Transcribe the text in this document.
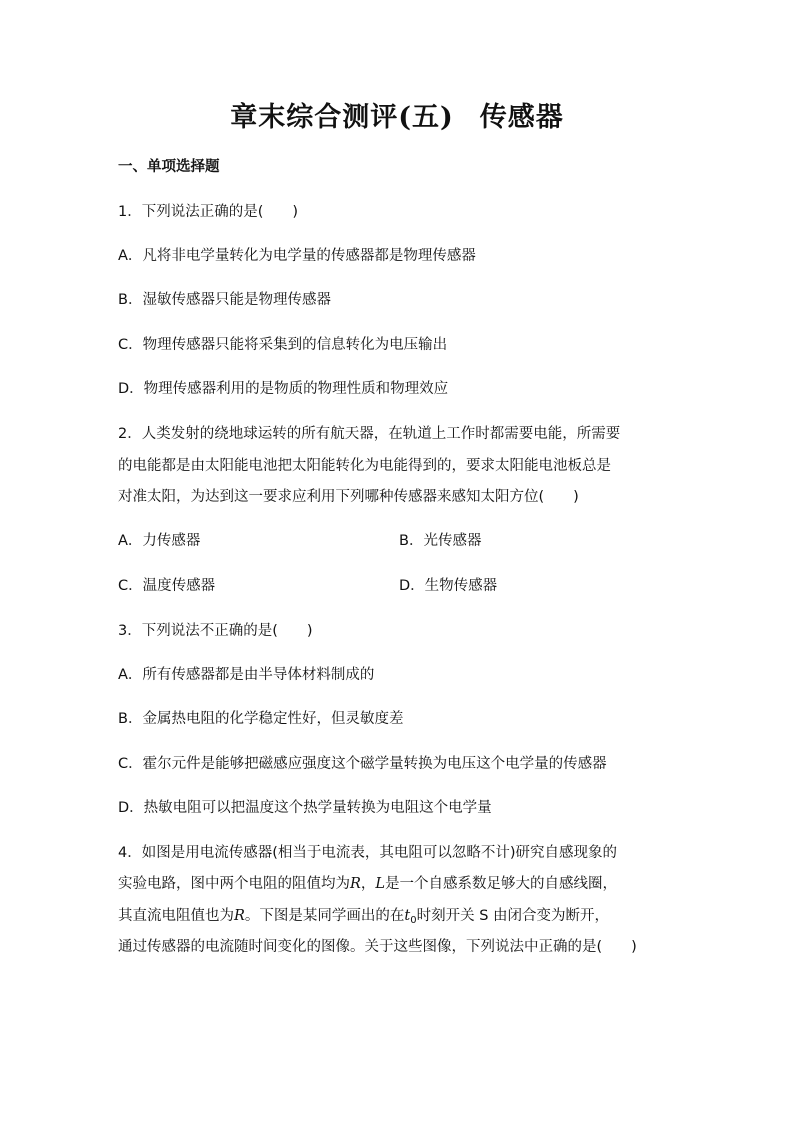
章末综合测评(五) 传感器
一、单项选择题
1．下列说法正确的是(　　)
A．凡将非电学量转化为电学量的传感器都是物理传感器
B．湿敏传感器只能是物理传感器
C．物理传感器只能将采集到的信息转化为电压输出
D．物理传感器利用的是物质的物理性质和物理效应
2．人类发射的绕地球运转的所有航天器，在轨道上工作时都需要电能，所需要
的电能都是由太阳能电池把太阳能转化为电能得到的，要求太阳能电池板总是
对准太阳，为达到这一要求应利用下列哪种传感器来感知太阳方位(　　)
A．力传感器	B．光传感器
C．温度传感器	D．生物传感器
3．下列说法不正确的是(　　)
A．所有传感器都是由半导体材料制成的
B．金属热电阻的化学稳定性好，但灵敏度差
C．霍尔元件是能够把磁感应强度这个磁学量转换为电压这个电学量的传感器
D．热敏电阻可以把温度这个热学量转换为电阻这个电学量
4．如图是用电流传感器(相当于电流表，其电阻可以忽略不计)研究自感现象的
实验电路，图中两个电阻的阻值均为R，L是一个自感系数足够大的自感线圈，
其直流电阻值也为R。下图是某同学画出的在$t_0$时刻开关 S 由闭合变为断开，
通过传感器的电流随时间变化的图像。关于这些图像，下列说法中正确的是(　　)
